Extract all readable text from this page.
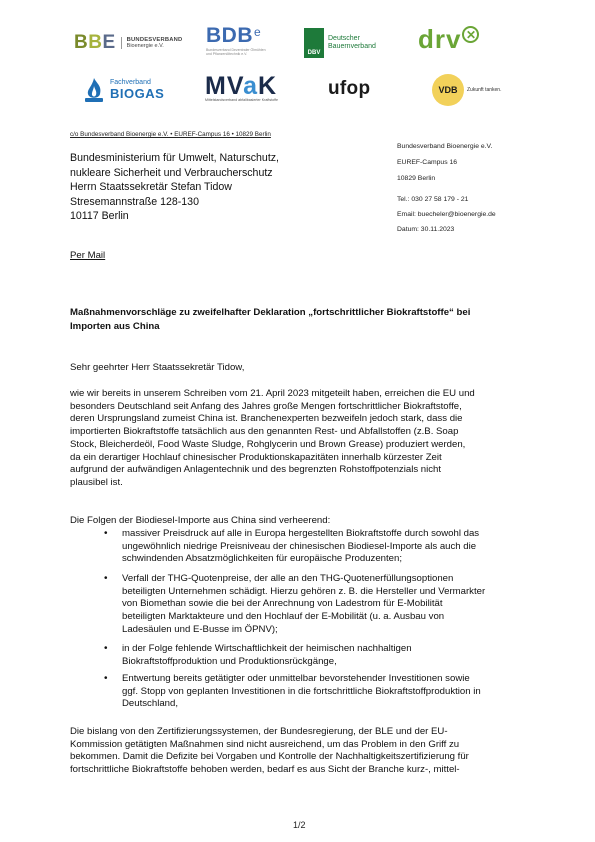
BBE	BUNDESVERBAND
Bioenergie e.V.	BDB$^e$
Bundesverband Dezentraler Ölmühlen und Pflanzenöltechnik e.V.	DBV
Deutscher Bauernverband drv ✕
Fachverband
BIOGAS MVaK
Mittelstandsverband abfallbasierter Kraftstoffe
ufop	VDB	Zukunft tanken.
c/o Bundesverband Bioenergie e.V. • EUREF-Campus 16 • 10829 Berlin
Bundesministerium für Umwelt, Naturschutz,
nukleare Sicherheit und Verbraucherschutz
Herrn Staatssekretär Stefan Tidow
Stresemannstraße 128-130
10117 Berlin
Bundesverband Bioenergie e.V.
EUREF-Campus 16
10829 Berlin
Tel.: 030 27 58 179 - 21
Email: buecheler@bioenergie.de
Datum: 30.11.2023
Per Mail
Maßnahmenvorschläge zu zweifelhafter Deklaration „fortschrittlicher Biokraftstoffe“ bei
Importen aus China
Sehr geehrter Herr Staatssekretär Tidow,
wie wir bereits in unserem Schreiben vom 21. April 2023 mitgeteilt haben, erreichen die EU und
besonders Deutschland seit Anfang des Jahres große Mengen fortschrittlicher Biokraftstoffe,
deren Ursprungsland zumeist China ist. Branchenexperten bezweifeln jedoch stark, dass die
importierten Biokraftstoffe tatsächlich aus den genannten Rest- und Abfallstoffen (z.B. Soap
Stock, Bleicherdeöl, Food Waste Sludge, Rohglycerin und Brown Grease) produziert werden,
da ein derartiger Hochlauf chinesischer Produktionskapazitäten innerhalb kürzester Zeit
aufgrund der aufwändigen Anlagentechnik und des begrenzten Rohstoffpotenzials nicht
plausibel ist.
Die Folgen der Biodiesel-Importe aus China sind verheerend:
• massiver Preisdruck auf alle in Europa hergestellten Biokraftstoffe durch sowohl das
ungewöhnlich niedrige Preisniveau der chinesischen Biodiesel-Importe als auch die
schwindenden Absatzmöglichkeiten für europäische Produzenten;
• Verfall der THG-Quotenpreise, der alle an den THG-Quotenerfüllungsoptionen
beteiligten Unternehmen schädigt. Hierzu gehören z. B. die Hersteller und Vermarkter
von Biomethan sowie die bei der Anrechnung von Ladestrom für E-Mobilität
beteiligten Marktakteure und den Hochlauf der E-Mobilität (u. a. Ausbau von
Ladesäulen und E-Busse im ÖPNV);
• in der Folge fehlende Wirtschaftlichkeit der heimischen nachhaltigen
Biokraftstoffproduktion und Produktionsrückgänge,
• Entwertung bereits getätigter oder unmittelbar bevorstehender Investitionen sowie
ggf. Stopp von geplanten Investitionen in die fortschrittliche Biokraftstoffproduktion in
Deutschland,
Die bislang von den Zertifizierungssystemen, der Bundesregierung, der BLE und der EU-
Kommission getätigten Maßnahmen sind nicht ausreichend, um das Problem in den Griff zu
bekommen. Damit die Defizite bei Vorgaben und Kontrolle der Nachhaltigkeitszertifizierung für
fortschrittliche Biokraftstoffe behoben werden, bedarf es aus Sicht der Branche kurz-, mittel-
1/2
